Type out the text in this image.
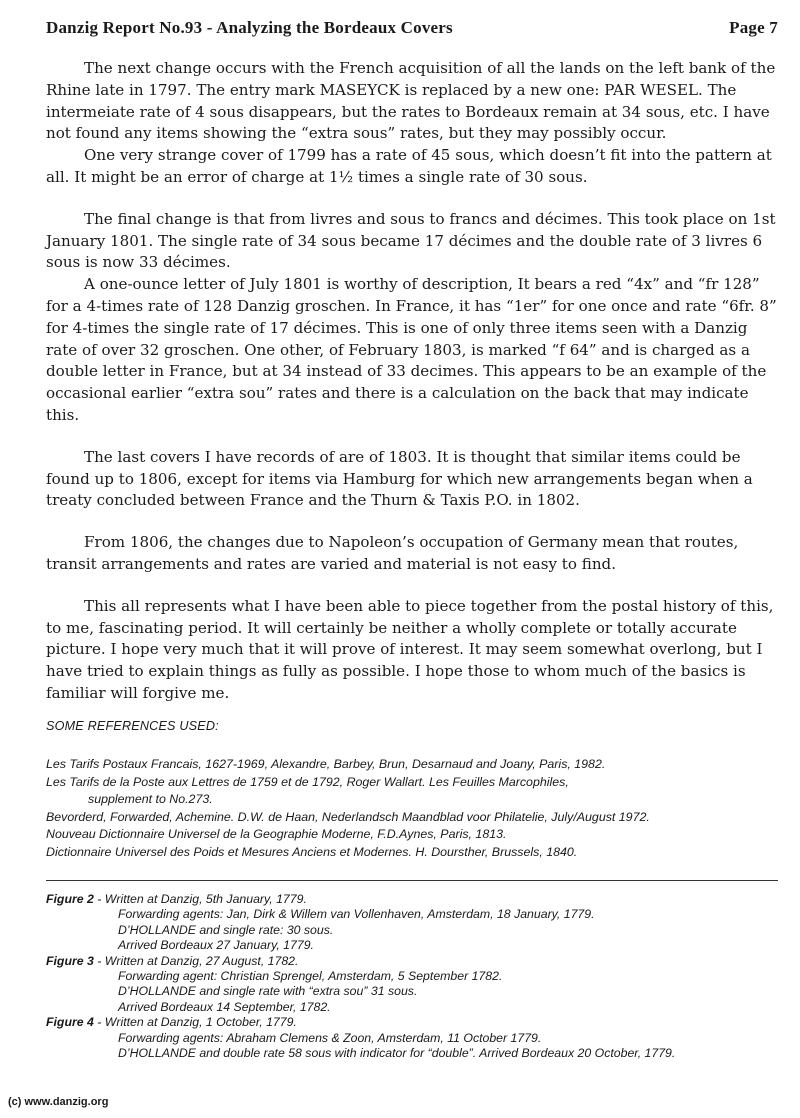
Danzig Report No.93 - Analyzing the Bordeaux Covers	Page 7

The next change occurs with the French acquisition of all the lands on the left bank of the Rhine late in 1797. The entry mark MASEYCK is replaced by a new one: PAR WESEL. The intermeiate rate of 4 sous disappears, but the rates to Bordeaux remain at 34 sous, etc. I have not found any items showing the “extra sous” rates, but they may possibly occur.

One very strange cover of 1799 has a rate of 45 sous, which doesn’t fit into the pattern at all. It might be an error of charge at 1½ times a single rate of 30 sous.

The final change is that from livres and sous to francs and décimes. This took place on 1st January 1801. The single rate of 34 sous became 17 décimes and the double rate of 3 livres 6 sous is now 33 décimes.

A one-ounce letter of July 1801 is worthy of description, It bears a red “4x” and “fr 128” for a 4-times rate of 128 Danzig groschen. In France, it has “1er” for one once and rate “6fr. 8” for 4-times the single rate of 17 décimes. This is one of only three items seen with a Danzig rate of over 32 groschen. One other, of February 1803, is marked “f 64” and is charged as a double letter in France, but at 34 instead of 33 decimes. This appears to be an example of the occasional earlier “extra sou” rates and there is a calculation on the back that may indicate this.

The last covers I have records of are of 1803. It is thought that similar items could be found up to 1806, except for items via Hamburg for which new arrangements began when a treaty concluded between France and the Thurn & Taxis P.O. in 1802.

From 1806, the changes due to Napoleon’s occupation of Germany mean that routes, transit arrangements and rates are varied and material is not easy to find.

This all represents what I have been able to piece together from the postal history of this, to me, fascinating period. It will certainly be neither a wholly complete or totally accurate picture. I hope very much that it will prove of interest. It may seem somewhat overlong, but I have tried to explain things as fully as possible. I hope those to whom much of the basics is familiar will forgive me.

SOME REFERENCES USED:
Les Tarifs Postaux Francais, 1627-1969, Alexandre, Barbey, Brun, Desarnaud and Joany, Paris, 1982.
Les Tarifs de la Poste aux Lettres de 1759 et de 1792, Roger Wallart. Les Feuilles Marcophiles,
supplement to No.273.
Bevorderd, Forwarded, Achemine. D.W. de Haan, Nederlandsch Maandblad voor Philatelie, July/August 1972.
Nouveau Dictionnaire Universel de la Geographie Moderne, F.D.Aynes, Paris, 1813.
Dictionnaire Universel des Poids et Mesures Anciens et Modernes. H. Doursther, Brussels, 1840.
Figure 2 - Written at Danzig, 5th January, 1779.
Forwarding agents: Jan, Dirk & Willem van Vollenhaven, Amsterdam, 18 January, 1779.
D’HOLLANDE and single rate: 30 sous.
Arrived Bordeaux 27 January, 1779.
Figure 3 - Written at Danzig, 27 August, 1782.
Forwarding agent: Christian Sprengel, Amsterdam, 5 September 1782.
D’HOLLANDE and single rate with “extra sou” 31 sous.
Arrived Bordeaux 14 September, 1782.
Figure 4 - Written at Danzig, 1 October, 1779.
Forwarding agents: Abraham Clemens & Zoon, Amsterdam, 11 October 1779.
D’HOLLANDE and double rate 58 sous with indicator for “double”. Arrived Bordeaux 20 October, 1779.
(c) www.danzig.org
